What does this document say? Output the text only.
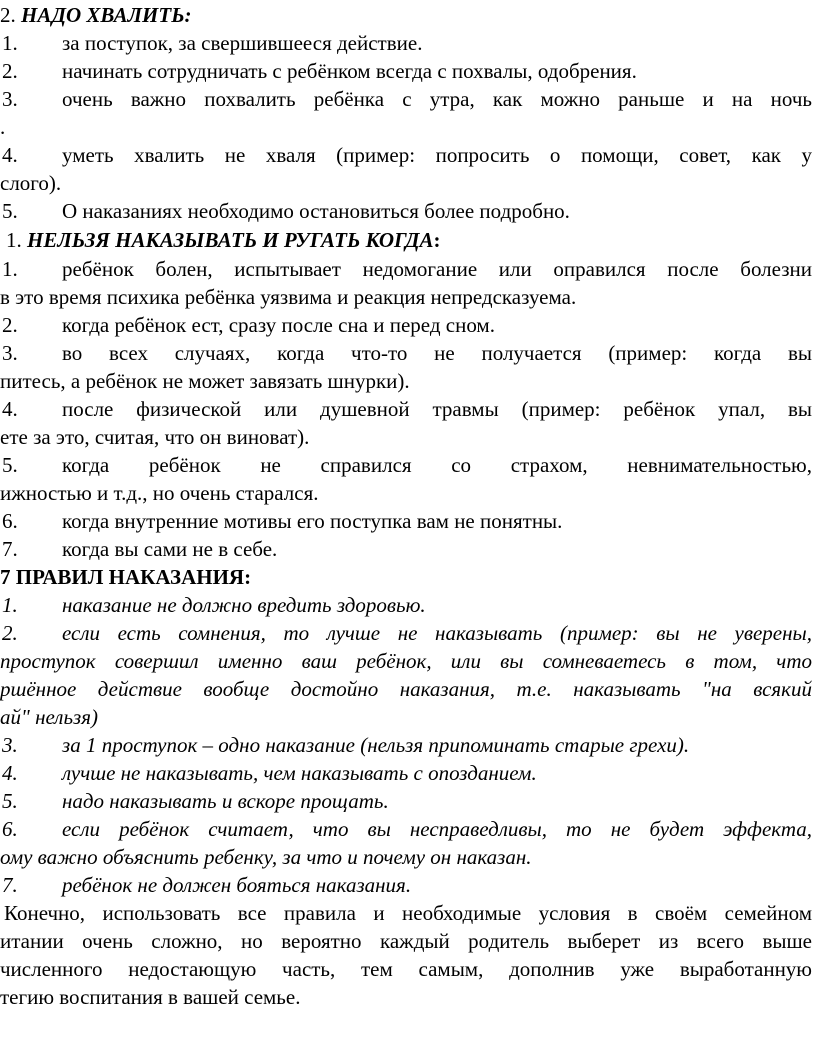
2. НАДО ХВАЛИТЬ:
1. за поступок, за свершившееся действие.
2. начинать сотрудничать с ребёнком всегда с похвалы, одобрения.
3. очень важно похвалить ребёнка с утра, как можно раньше и на ночь
.
4. уметь хвалить не хваля (пример: попросить о помощи, совет, как у
слого).
5. О наказаниях необходимо остановиться более подробно.
1. НЕЛЬЗЯ НАКАЗЫВАТЬ И РУГАТЬ КОГДА:
1. ребёнок болен, испытывает недомогание или оправился после болезни
в это время психика ребёнка уязвима и реакция непредсказуема.
2. когда ребёнок ест, сразу после сна и перед сном.
3. во всех случаях, когда что-то не получается (пример: когда вы
питесь, а ребёнок не может завязать шнурки).
4. после физической или душевной травмы (пример: ребёнок упал, вы
ете за это, считая, что он виноват).
5. когда ребёнок не справился со страхом, невнимательностью,
ижностью и т.д., но очень старался.
6. когда внутренние мотивы его поступка вам не понятны.
7. когда вы сами не в себе.
7 ПРАВИЛ НАКАЗАНИЯ:
1. наказание не должно вредить здоровью.
2. если есть сомнения, то лучше не наказывать (пример: вы не уверены,
проступок совершил именно ваш ребёнок, или вы сомневаетесь в том, что
ршённое действие вообще достойно наказания, т.е. наказывать "на всякий
ай" нельзя)
3. за 1 проступок – одно наказание (нельзя припоминать старые грехи).
4. лучше не наказывать, чем наказывать с опозданием.
5. надо наказывать и вскоре прощать.
6. если ребёнок считает, что вы несправедливы, то не будет эффекта,
ому важно объяснить ребенку, за что и почему он наказан.
7. ребёнок не должен бояться наказания.
Конечно, использовать все правила и необходимые условия в своём семейном
итании очень сложно, но вероятно каждый родитель выберет из всего выше
численного недостающую часть, тем самым, дополнив уже выработанную
тегию воспитания в вашей семье.
